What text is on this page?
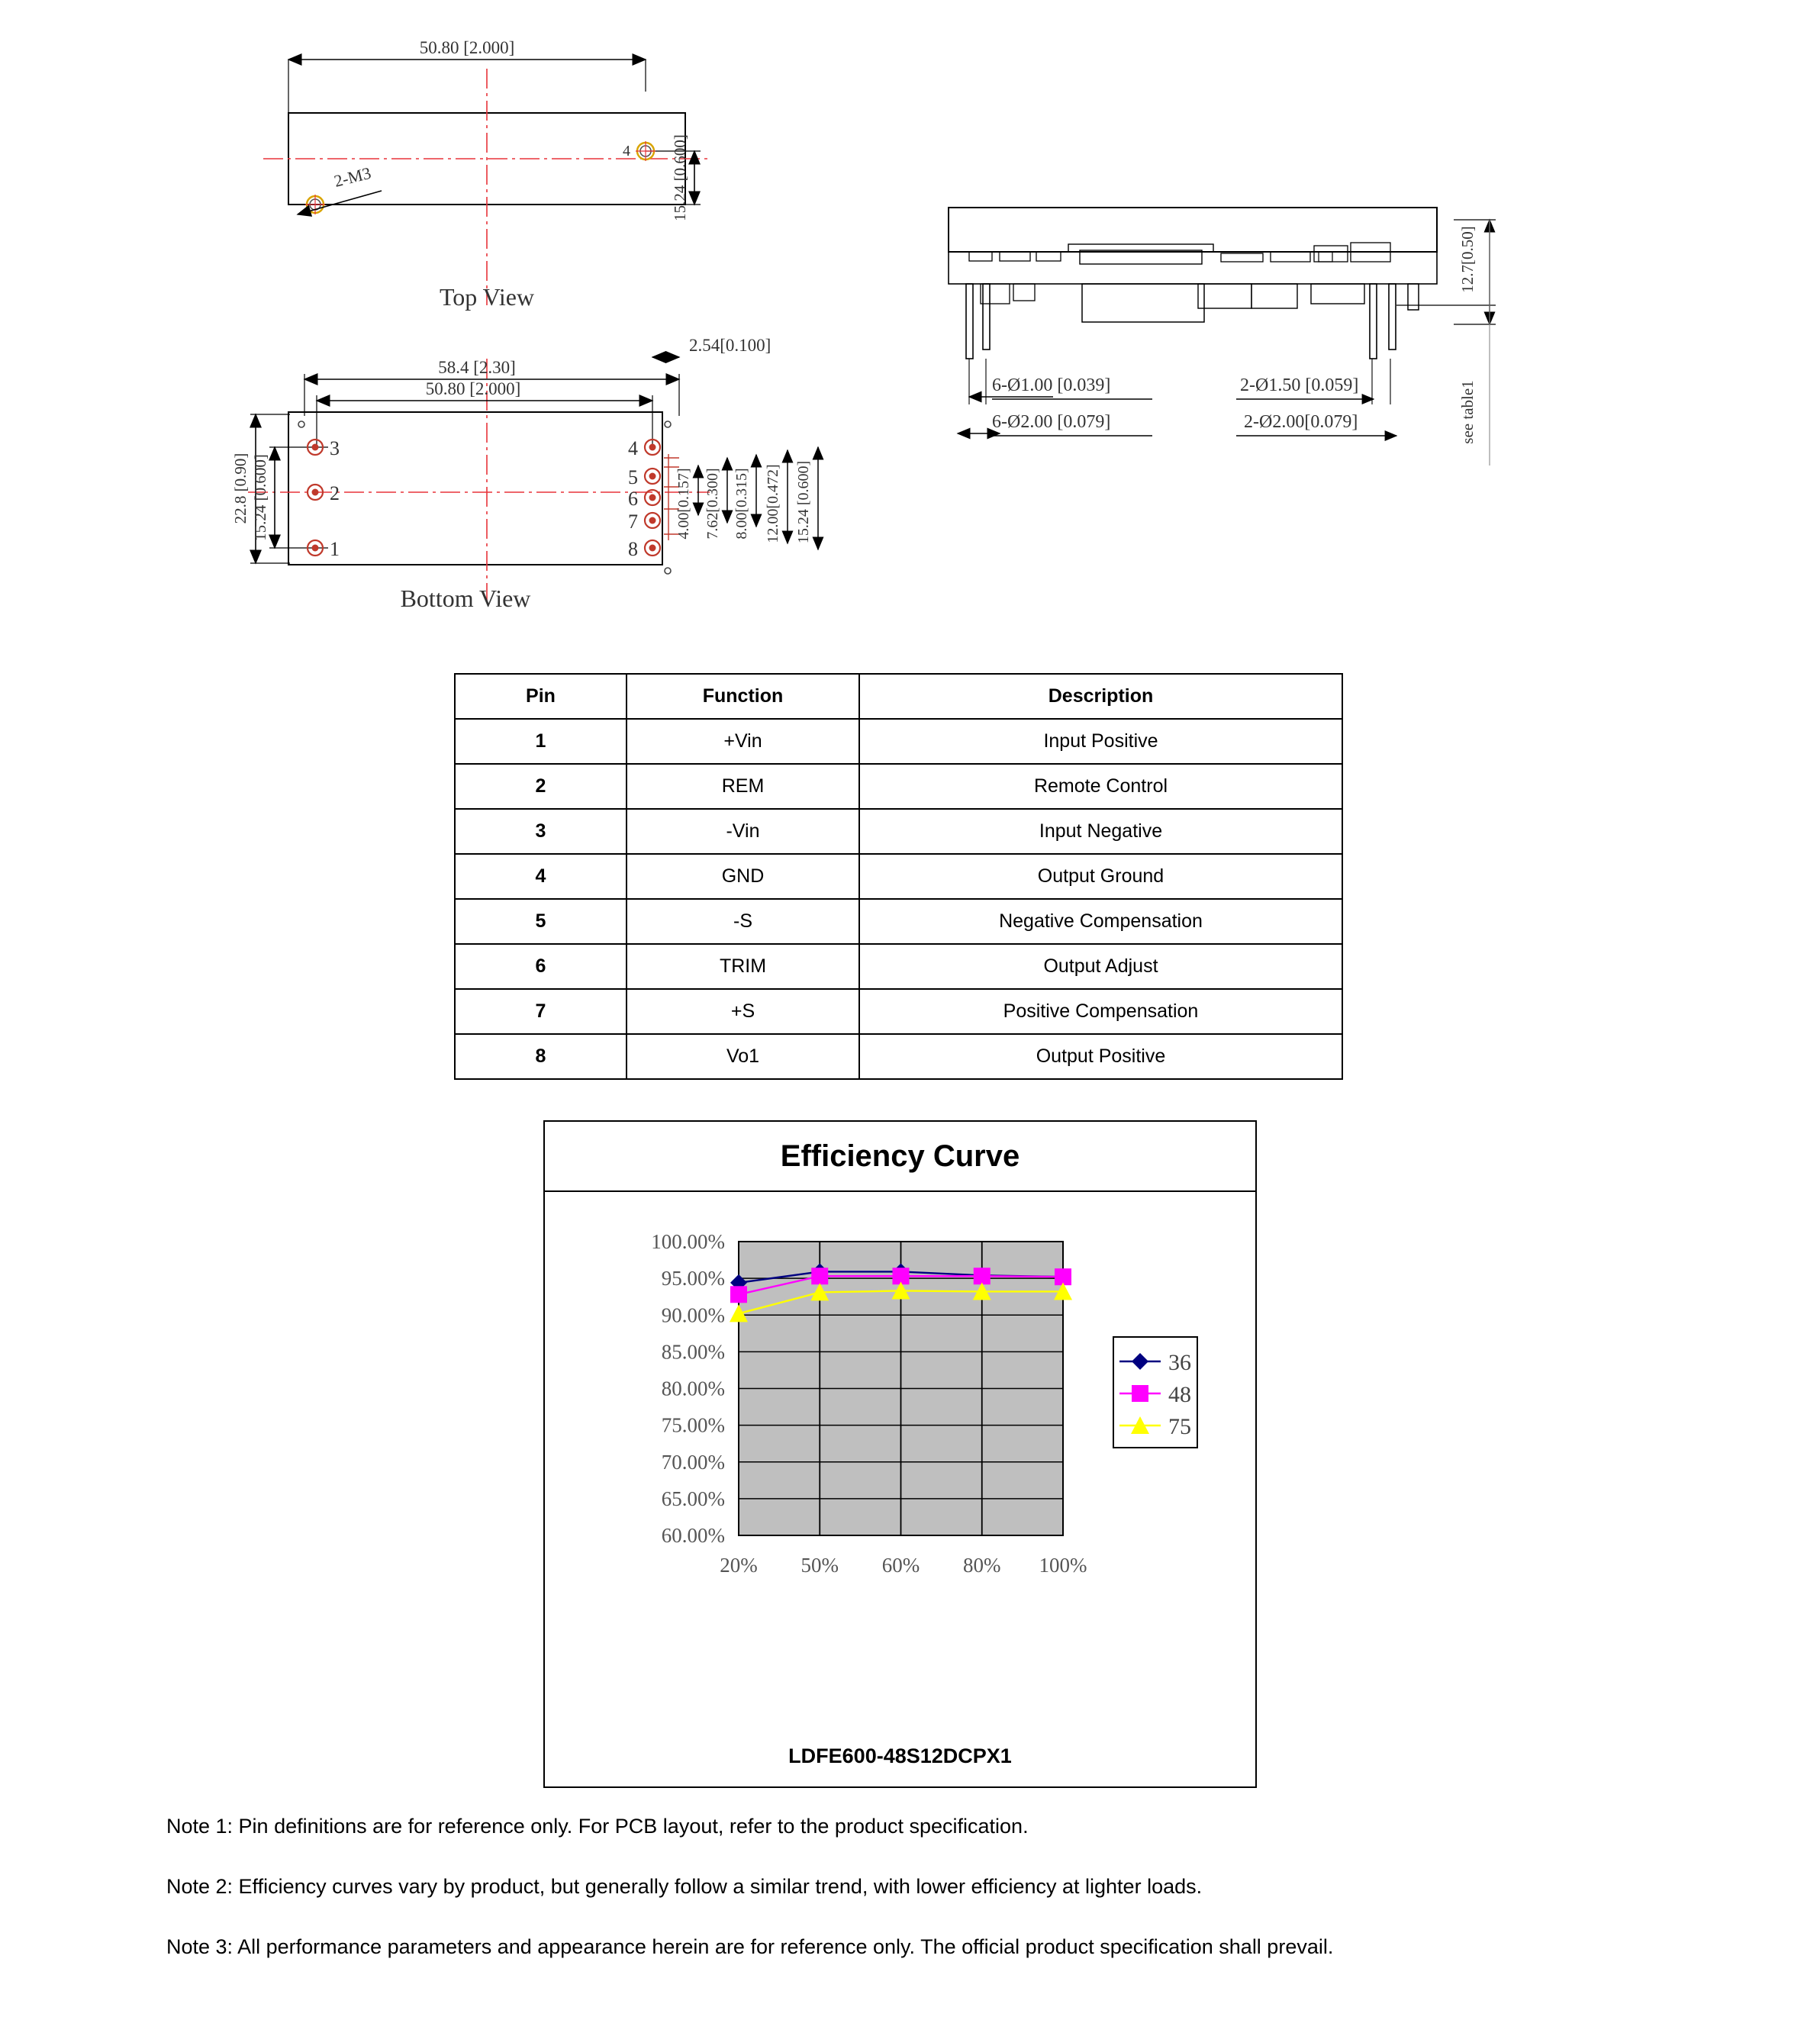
50.80 [2.000]
15.24 [0.600]
4
2-M3
Top View
58.4 [2.30]
50.80 [2.000]
2.54[0.100]
22.8 [0.90] 15.24 [0.600]
3
2
1
4
5
6
7
8
4.00[0.157] 7.62[0.300] 8.00[0.315] 12.00[0.472] 15.24 [0.600]
Bottom View
6-Ø1.00 [0.039]
6-Ø2.00 [0.079]
2-Ø1.50 [0.059]
2-Ø2.00[0.079]
12.7[0.50]
see table1
Pin	Function	Description
1	+Vin	Input Positive
2	REM	Remote Control
3	-Vin	Input Negative
4	GND	Output Ground
5	-S	Negative Compensation
6	TRIM	Output Adjust
7	+S	Positive Compensation
8	Vo1	Output Positive
Efficiency Curve
100.00%
95.00%
90.00%
85.00%
80.00%
75.00%
70.00%
65.00%
60.00%
20% 50% 60% 80% 100%
36
48
75
LDFE600-48S12DCPX1
Note 1: Pin definitions are for reference only. For PCB layout, refer to the product specification.
Note 2: Efficiency curves vary by product, but generally follow a similar trend, with lower efficiency at lighter loads.
Note 3: All performance parameters and appearance herein are for reference only. The official product specification shall prevail.
